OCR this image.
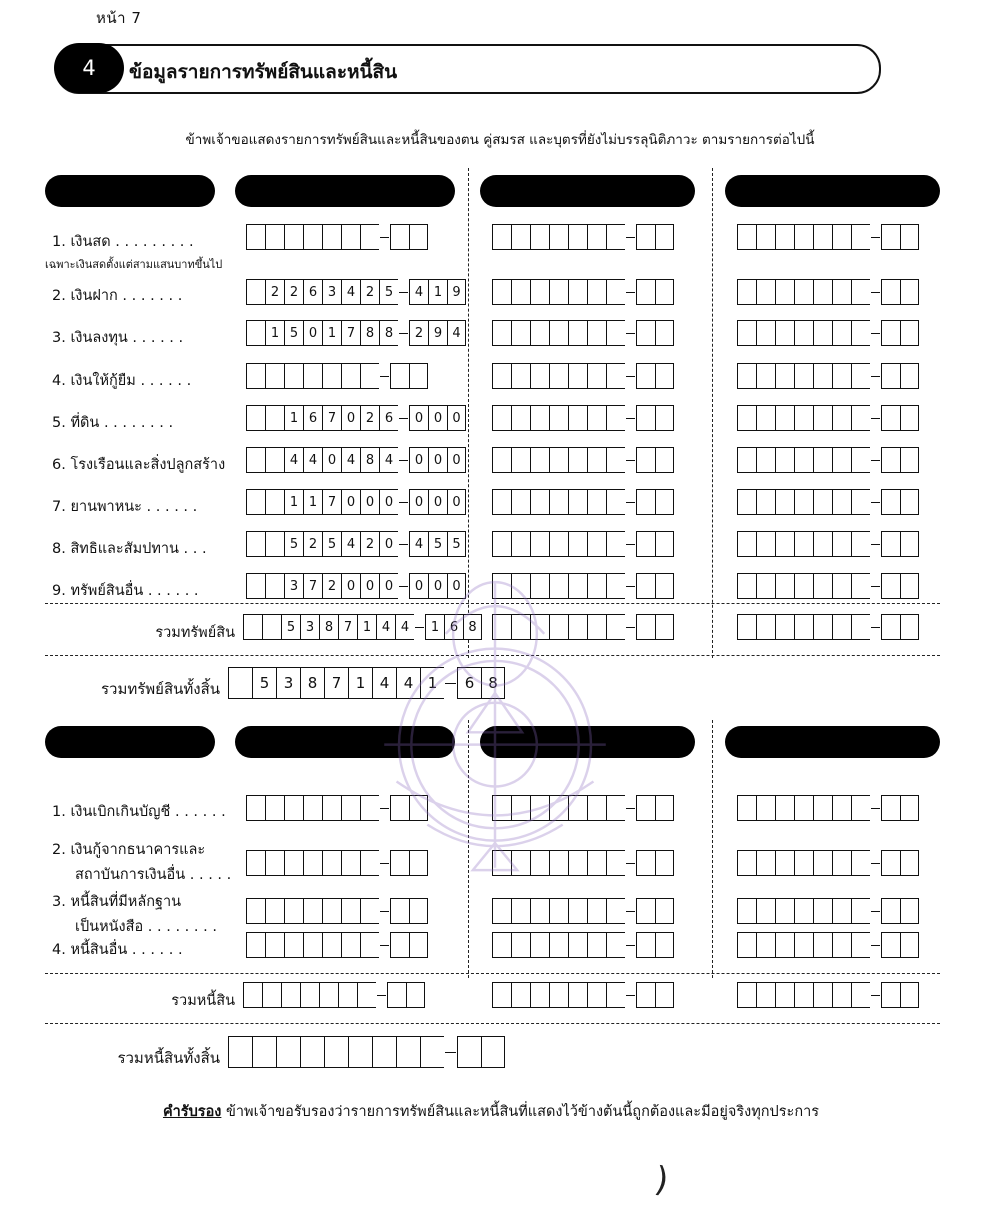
หน้า 7
4	ข้อมูลรายการทรัพย์สินและหนี้สิน
ข้าพเจ้าขอแสดงรายการทรัพย์สินและหนี้สินของตน คู่สมรส และบุตรที่ยังไม่บรรลุนิติภาวะ ตามรายการต่อไปนี้
1. เงินสด . . . . . . . . .
เฉพาะเงินสดตั้งแต่สามแสนบาทขึ้นไป
2. เงินฝาก . . . . . . .	2 2 6 3 4 2 5	4 1 9
3. เงินลงทุน . . . . . .	1 5 0 1 7 8 8	2 9 4
4. เงินให้กู้ยืม . . . . . .
5. ที่ดิน . . . . . . . .	1 6 7 0 2 6	0 0 0
6. โรงเรือนและสิ่งปลูกสร้าง	4 4 0 4 8 4	0 0 0
7. ยานพาหนะ . . . . . .	1 1 7 0 0 0	0 0 0
8. สิทธิและสัมปทาน . . .	5 2 5 4 2 0	4 5 5
9. ทรัพย์สินอื่น . . . . . .	3 7 2 0 0 0	0 0 0
รวมทรัพย์สิน	5 3 8 7 1 4 4	1 6 8
รวมทรัพย์สินทั้งสิ้น	5 3 8 7 1 4 4 1	6 8
1. เงินเบิกเกินบัญชี . . . . . .
2. เงินกู้จากธนาคารและ
สถาบันการเงินอื่น . . . . .
3. หนี้สินที่มีหลักฐาน
เป็นหนังสือ . . . . . . . .
4. หนี้สินอื่น . . . . . .
รวมหนี้สิน
รวมหนี้สินทั้งสิ้น
คำรับรอง ข้าพเจ้าขอรับรองว่ารายการทรัพย์สินและหนี้สินที่แสดงไว้ข้างต้นนี้ถูกต้องและมีอยู่จริงทุกประการ
)
